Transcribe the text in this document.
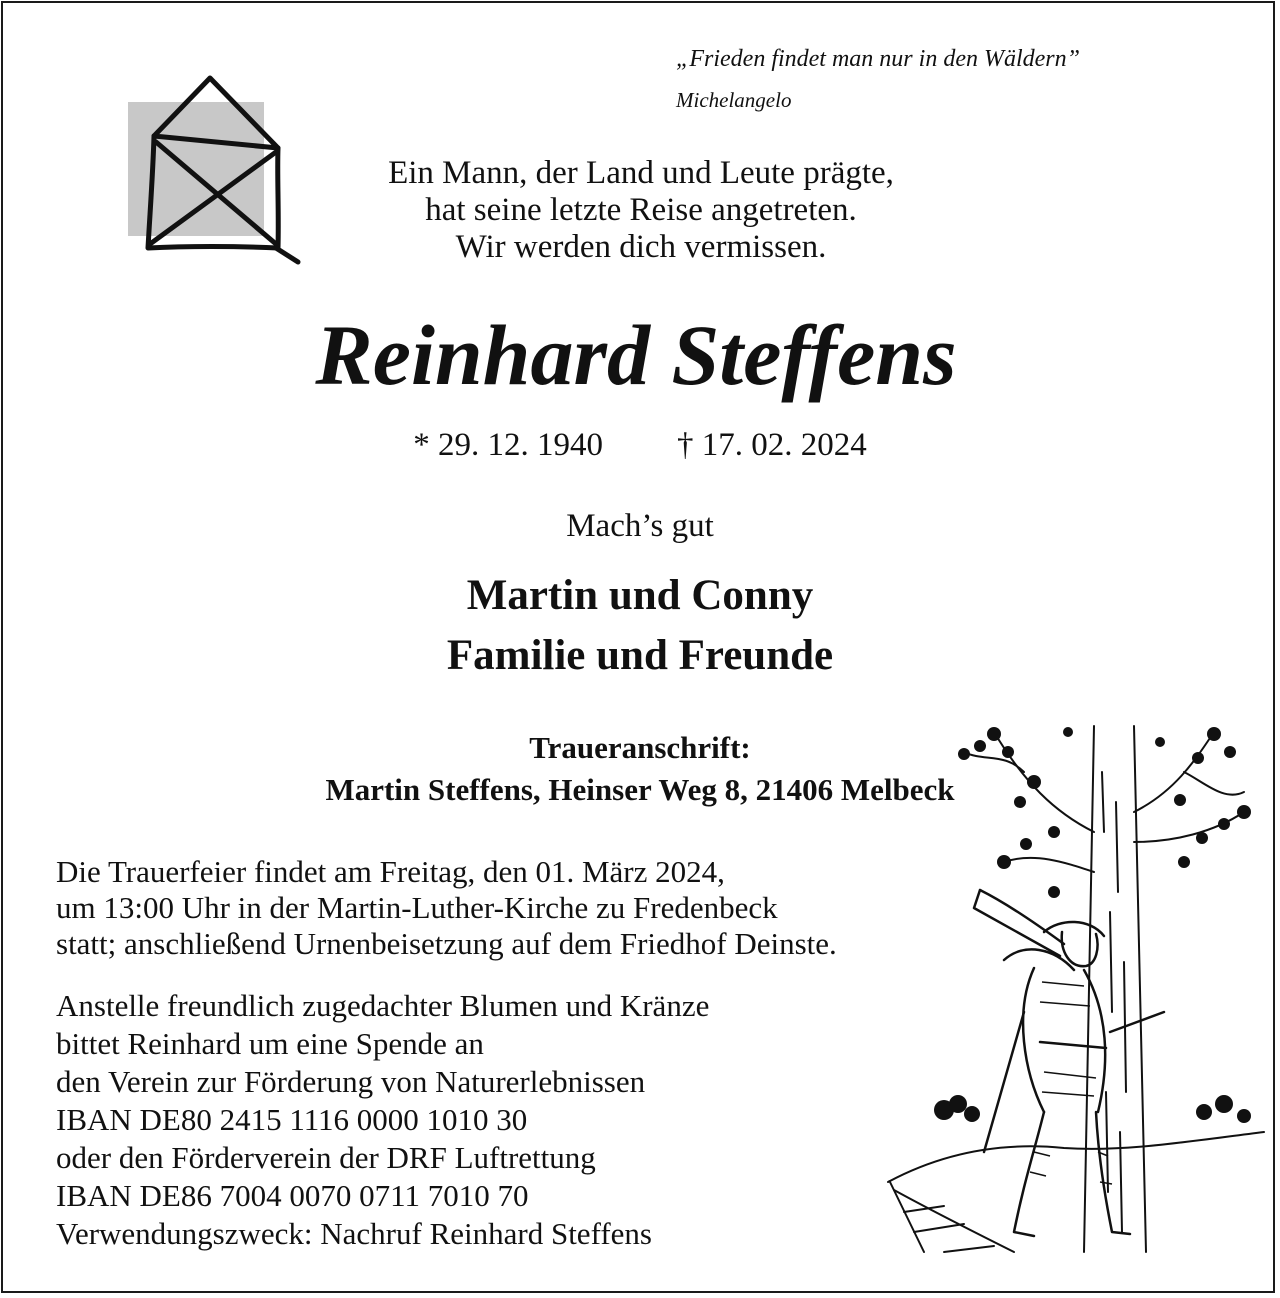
„Frieden findet man nur in den Wäldern”
Michelangelo
Ein Mann, der Land und Leute prägte,
hat seine letzte Reise angetreten.
Wir werden dich vermissen.
Reinhard Steffens
* 29. 12. 1940 † 17. 02. 2024
Mach’s gut
Martin und Conny
Familie und Freunde
Traueranschrift:
Martin Steffens, Heinser Weg 8, 21406 Melbeck
Die Trauerfeier findet am Freitag, den 01. März 2024,
um 13:00 Uhr in der Martin-Luther-Kirche zu Fredenbeck
statt; anschließend Urnenbeisetzung auf dem Friedhof Deinste.
Anstelle freundlich zugedachter Blumen und Kränze
bittet Reinhard um eine Spende an
den Verein zur Förderung von Naturerlebnissen
IBAN DE80 2415 1116 0000 1010 30
oder den Förderverein der DRF Luftrettung
IBAN DE86 7004 0070 0711 7010 70
Verwendungszweck: Nachruf Reinhard Steffens
